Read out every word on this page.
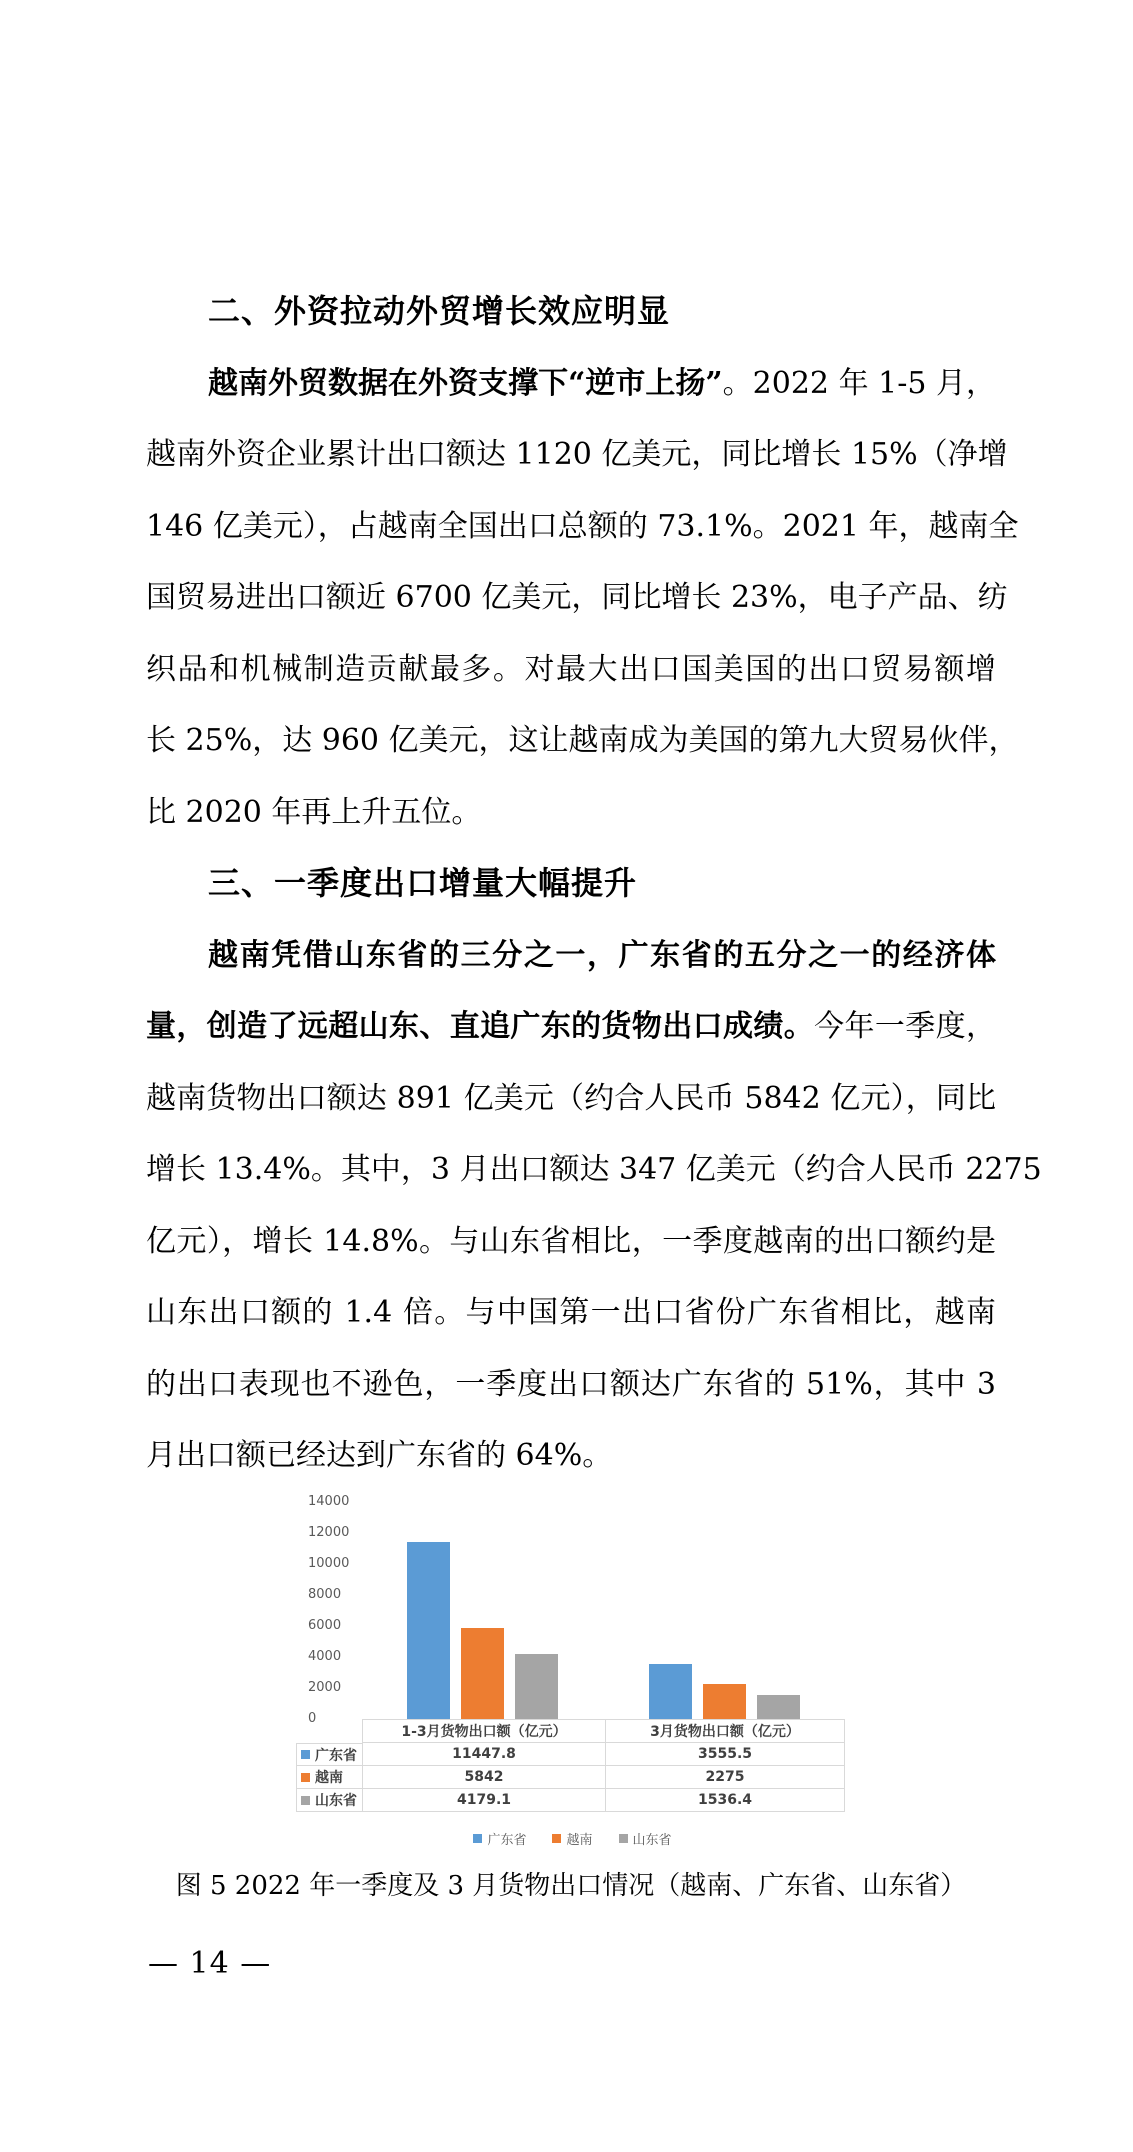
二、外资拉动外贸增长效应明显
越南外贸数据在外资支撑下“逆市上扬”。2022 年 1-5 月，
越南外资企业累计出口额达 1120 亿美元，同比增长 15%（净增
146 亿美元），占越南全国出口总额的 73.1%。2021 年，越南全
国贸易进出口额近 6700 亿美元，同比增长 23%，电子产品、纺
织品和机械制造贡献最多。对最大出口国美国的出口贸易额增
长 25%，达 960 亿美元，这让越南成为美国的第九大贸易伙伴，
比 2020 年再上升五位。
三、一季度出口增量大幅提升
越南凭借山东省的三分之一，广东省的五分之一的经济体
量，创造了远超山东、直追广东的货物出口成绩。今年一季度，
越南货物出口额达 891 亿美元（约合人民币 5842 亿元），同比
增长 13.4%。其中，3 月出口额达 347 亿美元（约合人民币 2275
亿元），增长 14.8%。与山东省相比，一季度越南的出口额约是
山东出口额的 1.4 倍。与中国第一出口省份广东省相比，越南
的出口表现也不逊色，一季度出口额达广东省的 51%，其中 3
月出口额已经达到广东省的 64%。
0
2000
4000
6000
8000
10000
12000
14000
1-3月货物出口额（亿元）	3月货物出口额（亿元）
广东省	11447.8	3555.5
越南	5842	2275
山东省	4179.1	1536.4
广东省	越南	山东省
图 5 2022 年一季度及 3 月货物出口情况（越南、广东省、山东省）
— 14 —
